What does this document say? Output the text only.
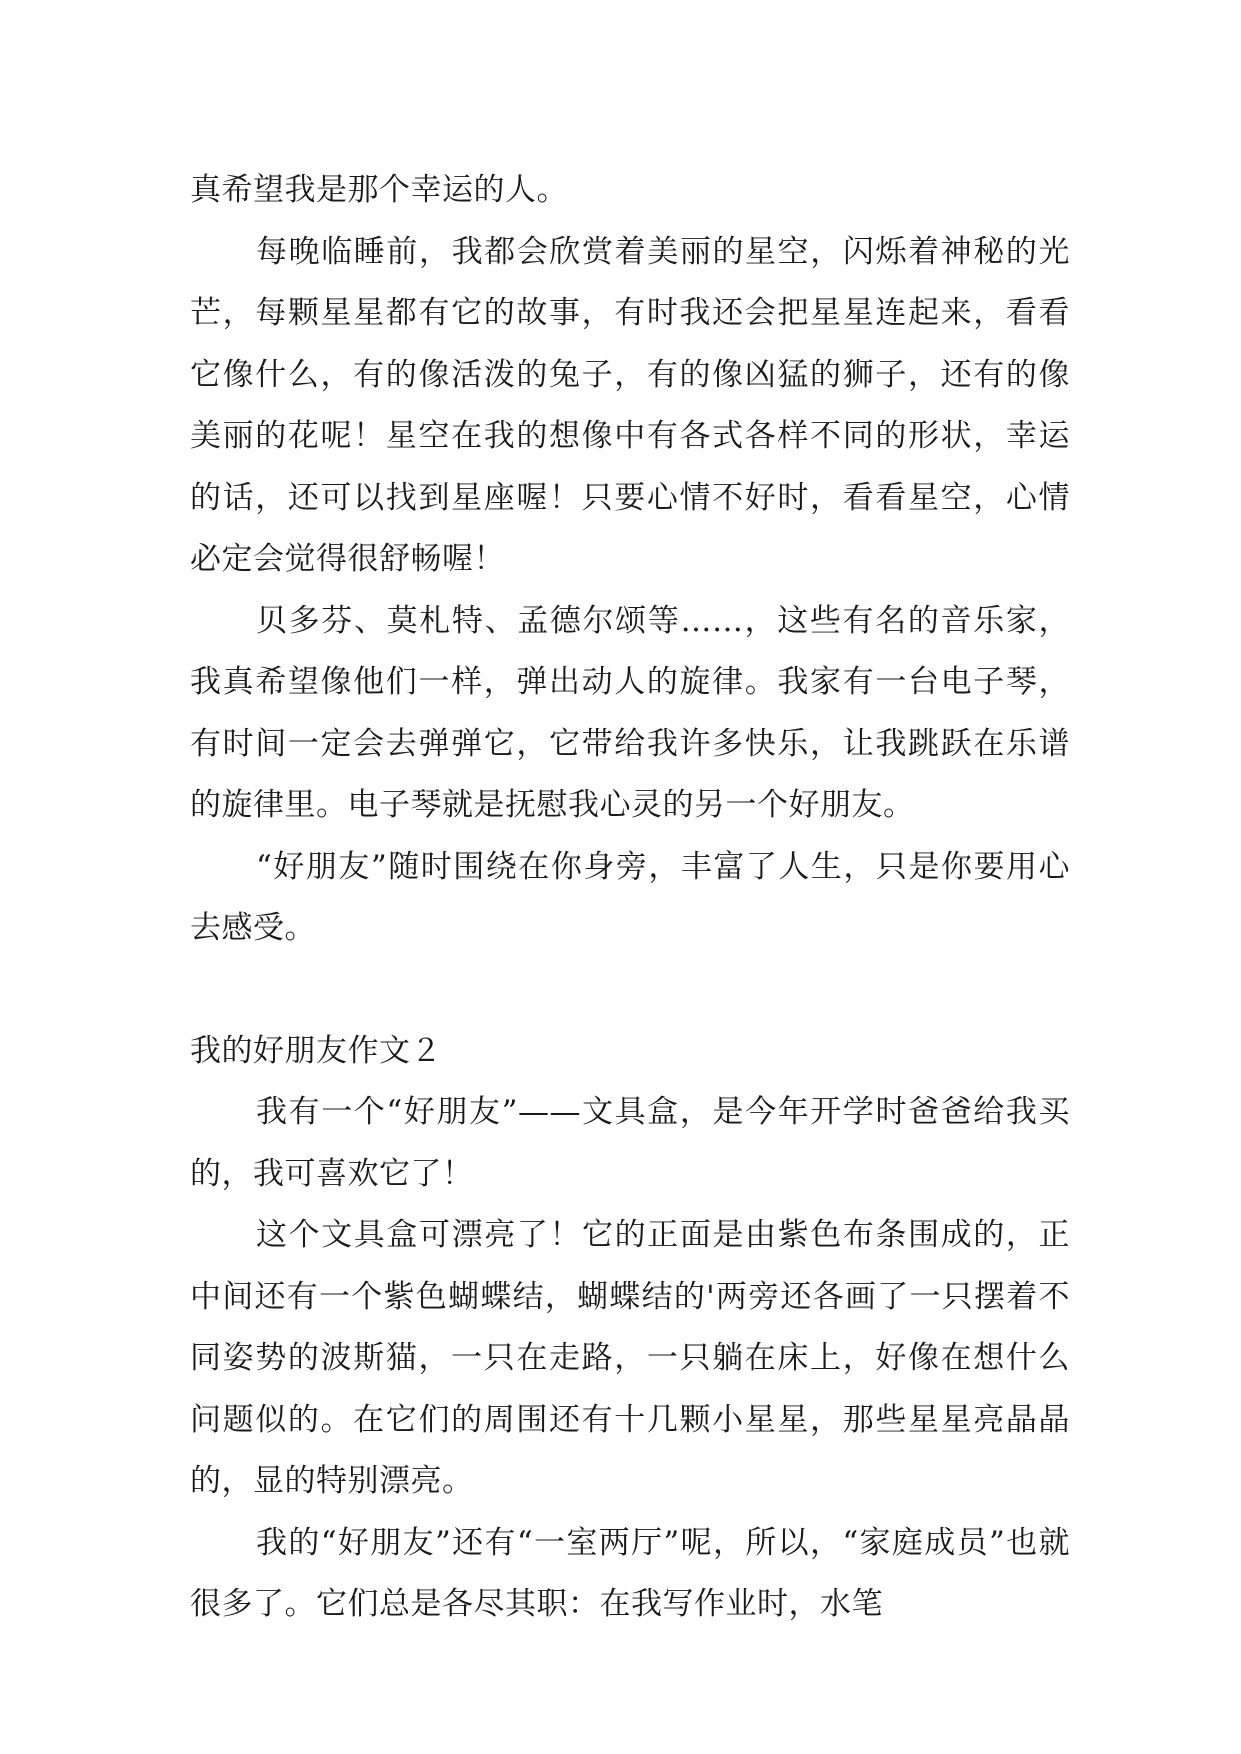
真希望我是那个幸运的人。

每晚临睡前，我都会欣赏着美丽的星空，闪烁着神秘的光芒，每颗星星都有它的故事，有时我还会把星星连起来，看看它像什么，有的像活泼的兔子，有的像凶猛的狮子，还有的像美丽的花呢！星空在我的想像中有各式各样不同的形状，幸运的话，还可以找到星座喔！只要心情不好时，看看星空，心情必定会觉得很舒畅喔！

贝多芬、莫札特、孟德尔颂等……，这些有名的音乐家，我真希望像他们一样，弹出动人的旋律。我家有一台电子琴，有时间一定会去弹弹它，它带给我许多快乐，让我跳跃在乐谱的旋律里。电子琴就是抚慰我心灵的另一个好朋友。

“好朋友”随时围绕在你身旁，丰富了人生，只是你要用心去感受。

我的好朋友作文２

我有一个“好朋友”——文具盒，是今年开学时爸爸给我买的，我可喜欢它了！

这个文具盒可漂亮了！它的正面是由紫色布条围成的，正中间还有一个紫色蝴蝶结，蝴蝶结的'两旁还各画了一只摆着不同姿势的波斯猫，一只在走路，一只躺在床上，好像在想什么问题似的。在它们的周围还有十几颗小星星，那些星星亮晶晶的，显的特别漂亮。

我的“好朋友”还有“一室两厅”呢，所以，“家庭成员”也就很多了。它们总是各尽其职：在我写作业时，水笔
